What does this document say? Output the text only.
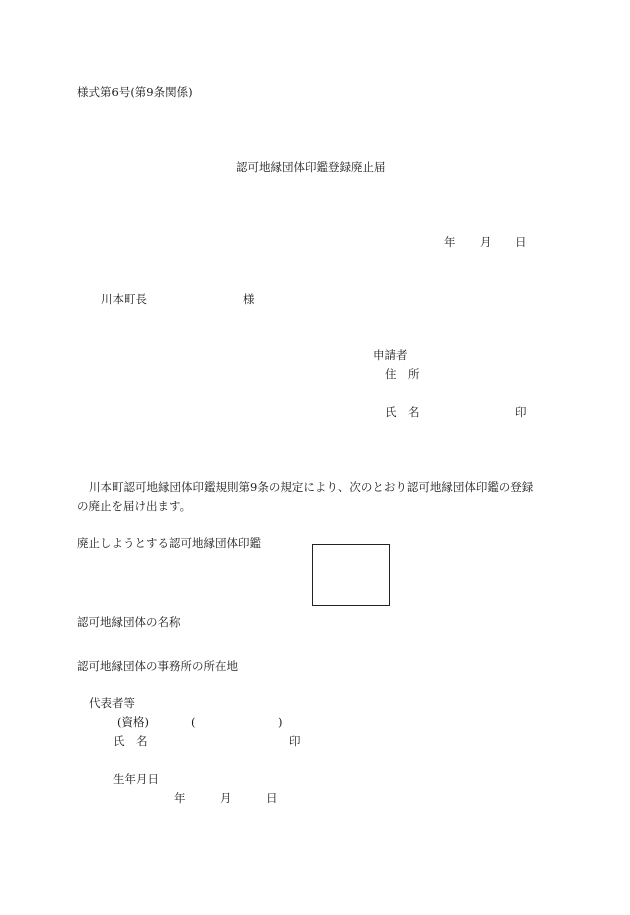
様式第6号(第9条関係)
認可地縁団体印鑑登録廃止届
年 月 日
川本町長	様
申請者
住　所
氏　名	印
川本町認可地縁団体印鑑規則第9条の規定により、次のとおり認可地縁団体印鑑の登録
の廃止を届け出ます。
廃止しようとする認可地縁団体印鑑
認可地縁団体の名称
認可地縁団体の事務所の所在地
代表者等
(資格)	(	)
氏　名	印
生年月日
年	月	日
